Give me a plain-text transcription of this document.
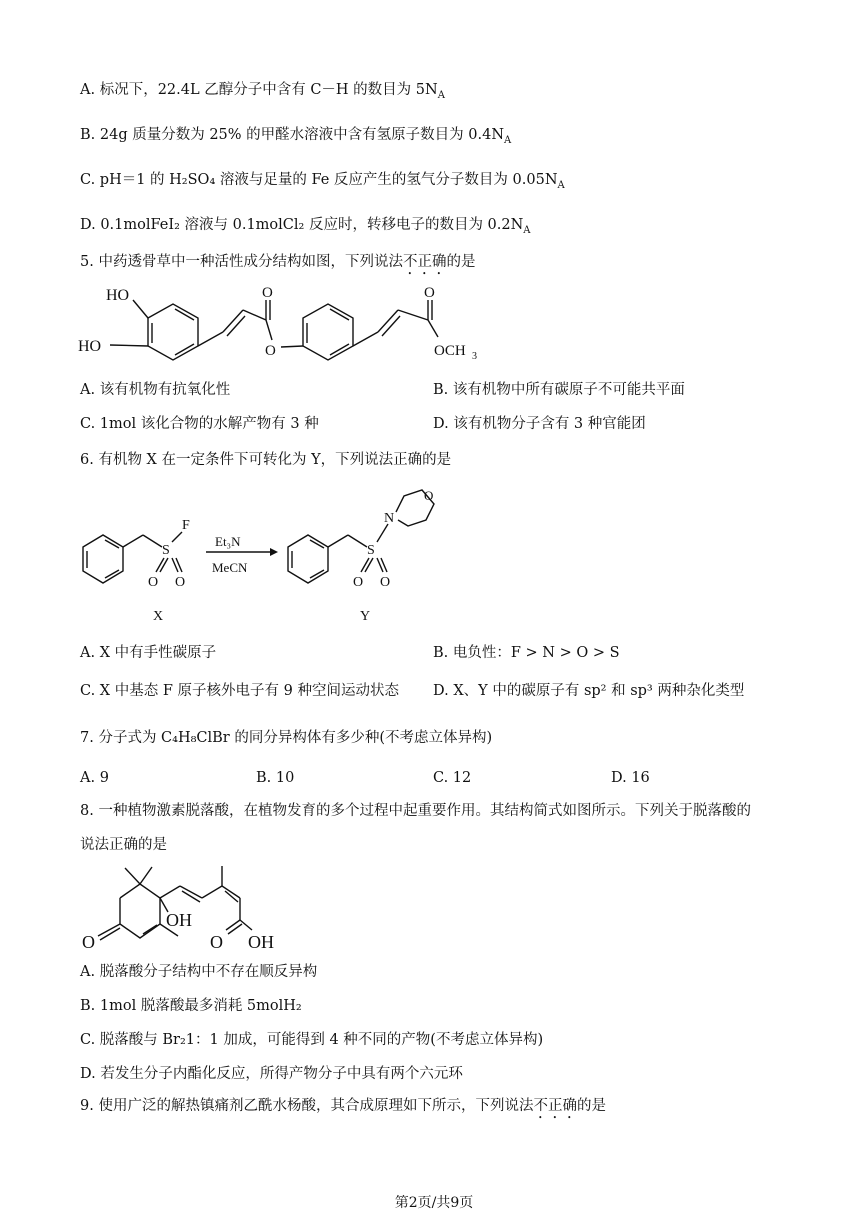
A. 标况下，22.4L 乙醇分子中含有 C－H 的数目为 $5N_A$
B. 24g 质量分数为 25% 的甲醛水溶液中含有氢原子数目为 $0.4N_A$
C. pH＝1 的 H₂SO₄ 溶液与足量的 Fe 反应产生的氢气分子数目为 $0.05N_A$
D. 0.1molFeI₂ 溶液与 0.1molCl₂ 反应时，转移电子的数目为 $0.2N_A$
5. 中药透骨草中一种活性成分结构如图，下列说法不正确的是
HO
HO
O
O
O
OCH 3
A. 该有机物有抗氧化性	B. 该有机物中所有碳原子不可能共平面
C. 1mol 该化合物的水解产物有 3 种	D. 该有机物分子含有 3 种官能团
6. 有机物 X 在一定条件下可转化为 Y，下列说法正确的是
S
F
O O
X
Et₃N
MeCN
S
N
O
O O
Y
A. X 中有手性碳原子	B. 电负性：F > N > O > S
C. X 中基态 F 原子核外电子有 9 种空间运动状态 D. X、Y 中的碳原子有 sp² 和 sp³ 两种杂化类型
7. 分子式为 C₄H₈ClBr 的同分异构体有多少种(不考虑立体异构)
A. 9	B. 10	C. 12	D. 16
8. 一种植物激素脱落酸，在植物发育的多个过程中起重要作用。其结构简式如图所示。下列关于脱落酸的
说法正确的是
O
OH
O OH
A. 脱落酸分子结构中不存在顺反异构
B. 1mol 脱落酸最多消耗 5molH₂
C. 脱落酸与 Br₂1：1 加成，可能得到 4 种不同的产物(不考虑立体异构)
D. 若发生分子内酯化反应，所得产物分子中具有两个六元环
9. 使用广泛的解热镇痛剂乙酰水杨酸，其合成原理如下所示，下列说法不正确的是
第2页/共9页
